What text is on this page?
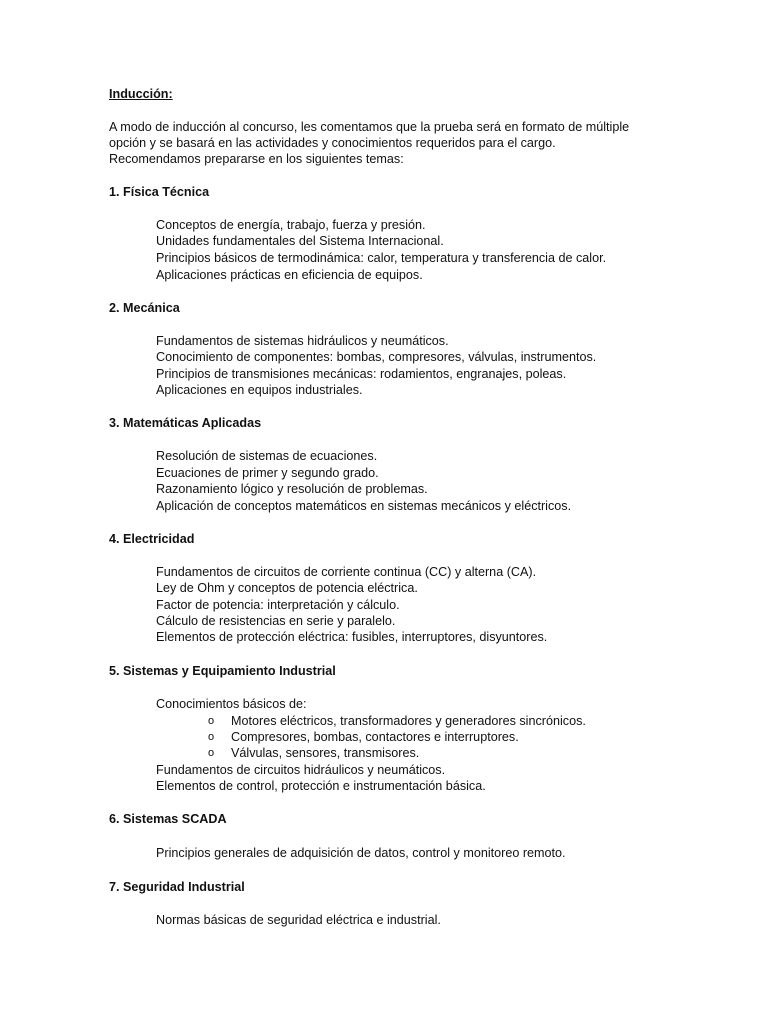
Inducción:
A modo de inducción al concurso, les comentamos que la prueba será en formato de múltiple
opción y se basará en las actividades y conocimientos requeridos para el cargo.
Recomendamos prepararse en los siguientes temas:
1. Física Técnica
Conceptos de energía, trabajo, fuerza y presión.
Unidades fundamentales del Sistema Internacional.
Principios básicos de termodinámica: calor, temperatura y transferencia de calor.
Aplicaciones prácticas en eficiencia de equipos.
2. Mecánica
Fundamentos de sistemas hidráulicos y neumáticos.
Conocimiento de componentes: bombas, compresores, válvulas, instrumentos.
Principios de transmisiones mecánicas: rodamientos, engranajes, poleas.
Aplicaciones en equipos industriales.
3. Matemáticas Aplicadas
Resolución de sistemas de ecuaciones.
Ecuaciones de primer y segundo grado.
Razonamiento lógico y resolución de problemas.
Aplicación de conceptos matemáticos en sistemas mecánicos y eléctricos.
4. Electricidad
Fundamentos de circuitos de corriente continua (CC) y alterna (CA).
Ley de Ohm y conceptos de potencia eléctrica.
Factor de potencia: interpretación y cálculo.
Cálculo de resistencias en serie y paralelo.
Elementos de protección eléctrica: fusibles, interruptores, disyuntores.
5. Sistemas y Equipamiento Industrial
Conocimientos básicos de:
o Motores eléctricos, transformadores y generadores sincrónicos.
o Compresores, bombas, contactores e interruptores.
o Válvulas, sensores, transmisores.
Fundamentos de circuitos hidráulicos y neumáticos.
Elementos de control, protección e instrumentación básica.
6. Sistemas SCADA
Principios generales de adquisición de datos, control y monitoreo remoto.
7. Seguridad Industrial
Normas básicas de seguridad eléctrica e industrial.
